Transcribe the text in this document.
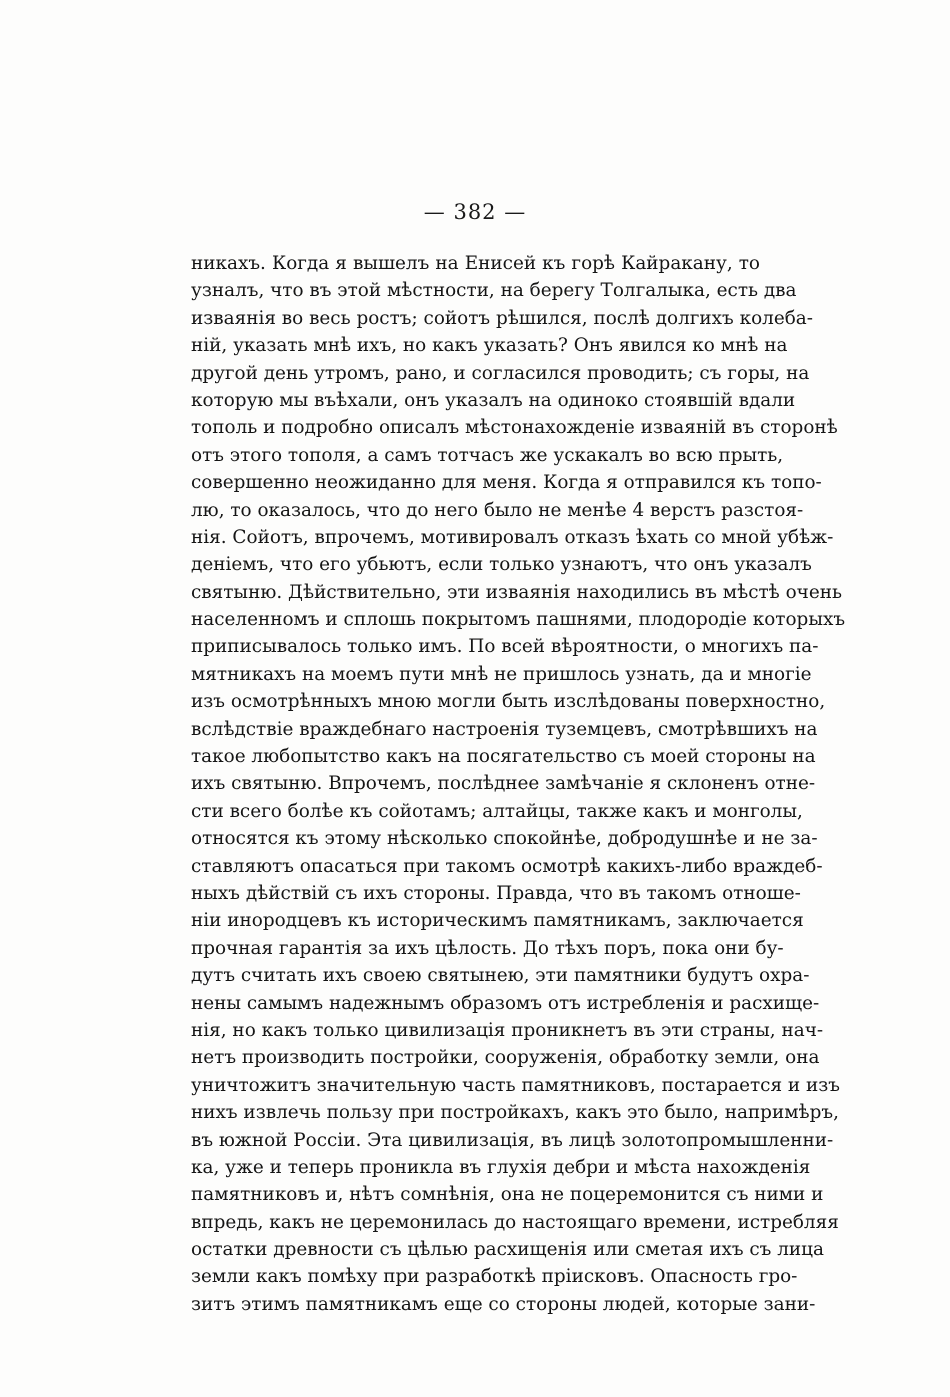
— 382 —
никахъ. Когда я вышелъ на Енисей къ горѣ Кайракану, то
узналъ, что въ этой мѣстности, на берегу Толгалыка, есть два
изваянія во весь ростъ; сойотъ рѣшился, послѣ долгихъ колеба-
ній, указать мнѣ ихъ, но какъ указать? Онъ явился ко мнѣ на
другой день утромъ, рано, и согласился проводить; съ горы, на
которую мы въѣхали, онъ указалъ на одиноко стоявшій вдали
тополь и подробно описалъ мѣстонахожденіе изваяній въ сторонѣ
отъ этого тополя, а самъ тотчасъ же ускакалъ во всю прыть,
совершенно неожиданно для меня. Когда я отправился къ топо-
лю, то оказалось, что до него было не менѣе 4 верстъ разстоя-
нія. Сойотъ, впрочемъ, мотивировалъ отказъ ѣхать со мной убѣж-
деніемъ, что его убьютъ, если только узнаютъ, что онъ указалъ
святыню. Дѣйствительно, эти изваянія находились въ мѣстѣ очень
населенномъ и сплошь покрытомъ пашнями, плодородіе которыхъ
приписывалось только имъ. По всей вѣроятности, о многихъ па-
мятникахъ на моемъ пути мнѣ не пришлось узнать, да и многіе
изъ осмотрѣнныхъ мною могли быть изслѣдованы поверхностно,
вслѣдствіе враждебнаго настроенія туземцевъ, смотрѣвшихъ на
такое любопытство какъ на посягательство съ моей стороны на
ихъ святыню. Впрочемъ, послѣднее замѣчаніе я склоненъ отне-
сти всего болѣе къ сойотамъ; алтайцы, также какъ и монголы,
относятся къ этому нѣсколько спокойнѣе, добродушнѣе и не за-
ставляютъ опасаться при такомъ осмотрѣ какихъ-либо враждеб-
ныхъ дѣйствій съ ихъ стороны. Правда, что въ такомъ отноше-
ніи инородцевъ къ историческимъ памятникамъ, заключается
прочная гарантія за ихъ цѣлость. До тѣхъ поръ, пока они бу-
дутъ считать ихъ своею святынею, эти памятники будутъ охра-
нены самымъ надежнымъ образомъ отъ истребленія и расхище-
нія, но какъ только цивилизація проникнетъ въ эти страны, нач-
нетъ производить постройки, сооруженія, обработку земли, она
уничтожитъ значительную часть памятниковъ, постарается и изъ
нихъ извлечь пользу при постройкахъ, какъ это было, напримѣръ,
въ южной Россіи. Эта цивилизація, въ лицѣ золотопромышленни-
ка, уже и теперь проникла въ глухія дебри и мѣста нахожденія
памятниковъ и, нѣтъ сомнѣнія, она не поцеремонится съ ними и
впредь, какъ не церемонилась до настоящаго времени, истребляя
остатки древности съ цѣлью расхищенія или сметая ихъ съ лица
земли какъ помѣху при разработкѣ пріисковъ. Опасность гро-
зитъ этимъ памятникамъ еще со стороны людей, которые зани-
